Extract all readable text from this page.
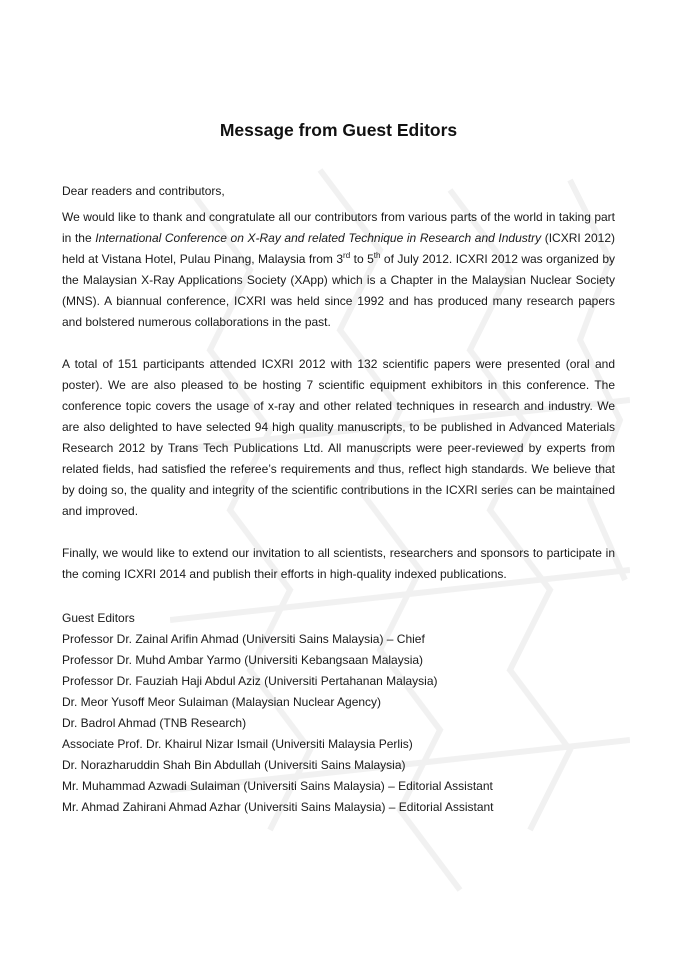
Message from Guest Editors

Dear readers and contributors,

We would like to thank and congratulate all our contributors from various parts of the world in taking part in the International Conference on X-Ray and related Technique in Research and Industry (ICXRI 2012) held at Vistana Hotel, Pulau Pinang, Malaysia from 3rd to 5th of July 2012. ICXRI 2012 was organized by the Malaysian X-Ray Applications Society (XApp) which is a Chapter in the Malaysian Nuclear Society (MNS). A biannual conference, ICXRI was held since 1992 and has produced many research papers and bolstered numerous collaborations in the past.

A total of 151 participants attended ICXRI 2012 with 132 scientific papers were presented (oral and poster). We are also pleased to be hosting 7 scientific equipment exhibitors in this conference. The conference topic covers the usage of x-ray and other related techniques in research and industry. We are also delighted to have selected 94 high quality manuscripts, to be published in Advanced Materials Research 2012 by Trans Tech Publications Ltd. All manuscripts were peer-reviewed by experts from related fields, had satisfied the referee’s requirements and thus, reflect high standards. We believe that by doing so, the quality and integrity of the scientific contributions in the ICXRI series can be maintained and improved.

Finally, we would like to extend our invitation to all scientists, researchers and sponsors to participate in the coming ICXRI 2014 and publish their efforts in high-quality indexed publications.

Guest Editors
Professor Dr. Zainal Arifin Ahmad (Universiti Sains Malaysia) – Chief
Professor Dr. Muhd Ambar Yarmo (Universiti Kebangsaan Malaysia)
Professor Dr. Fauziah Haji Abdul Aziz (Universiti Pertahanan Malaysia)
Dr. Meor Yusoff Meor Sulaiman (Malaysian Nuclear Agency)
Dr. Badrol Ahmad (TNB Research)
Associate Prof. Dr. Khairul Nizar Ismail (Universiti Malaysia Perlis)
Dr. Norazharuddin Shah Bin Abdullah (Universiti Sains Malaysia)
Mr. Muhammad Azwadi Sulaiman (Universiti Sains Malaysia) – Editorial Assistant
Mr. Ahmad Zahirani Ahmad Azhar (Universiti Sains Malaysia) – Editorial Assistant
